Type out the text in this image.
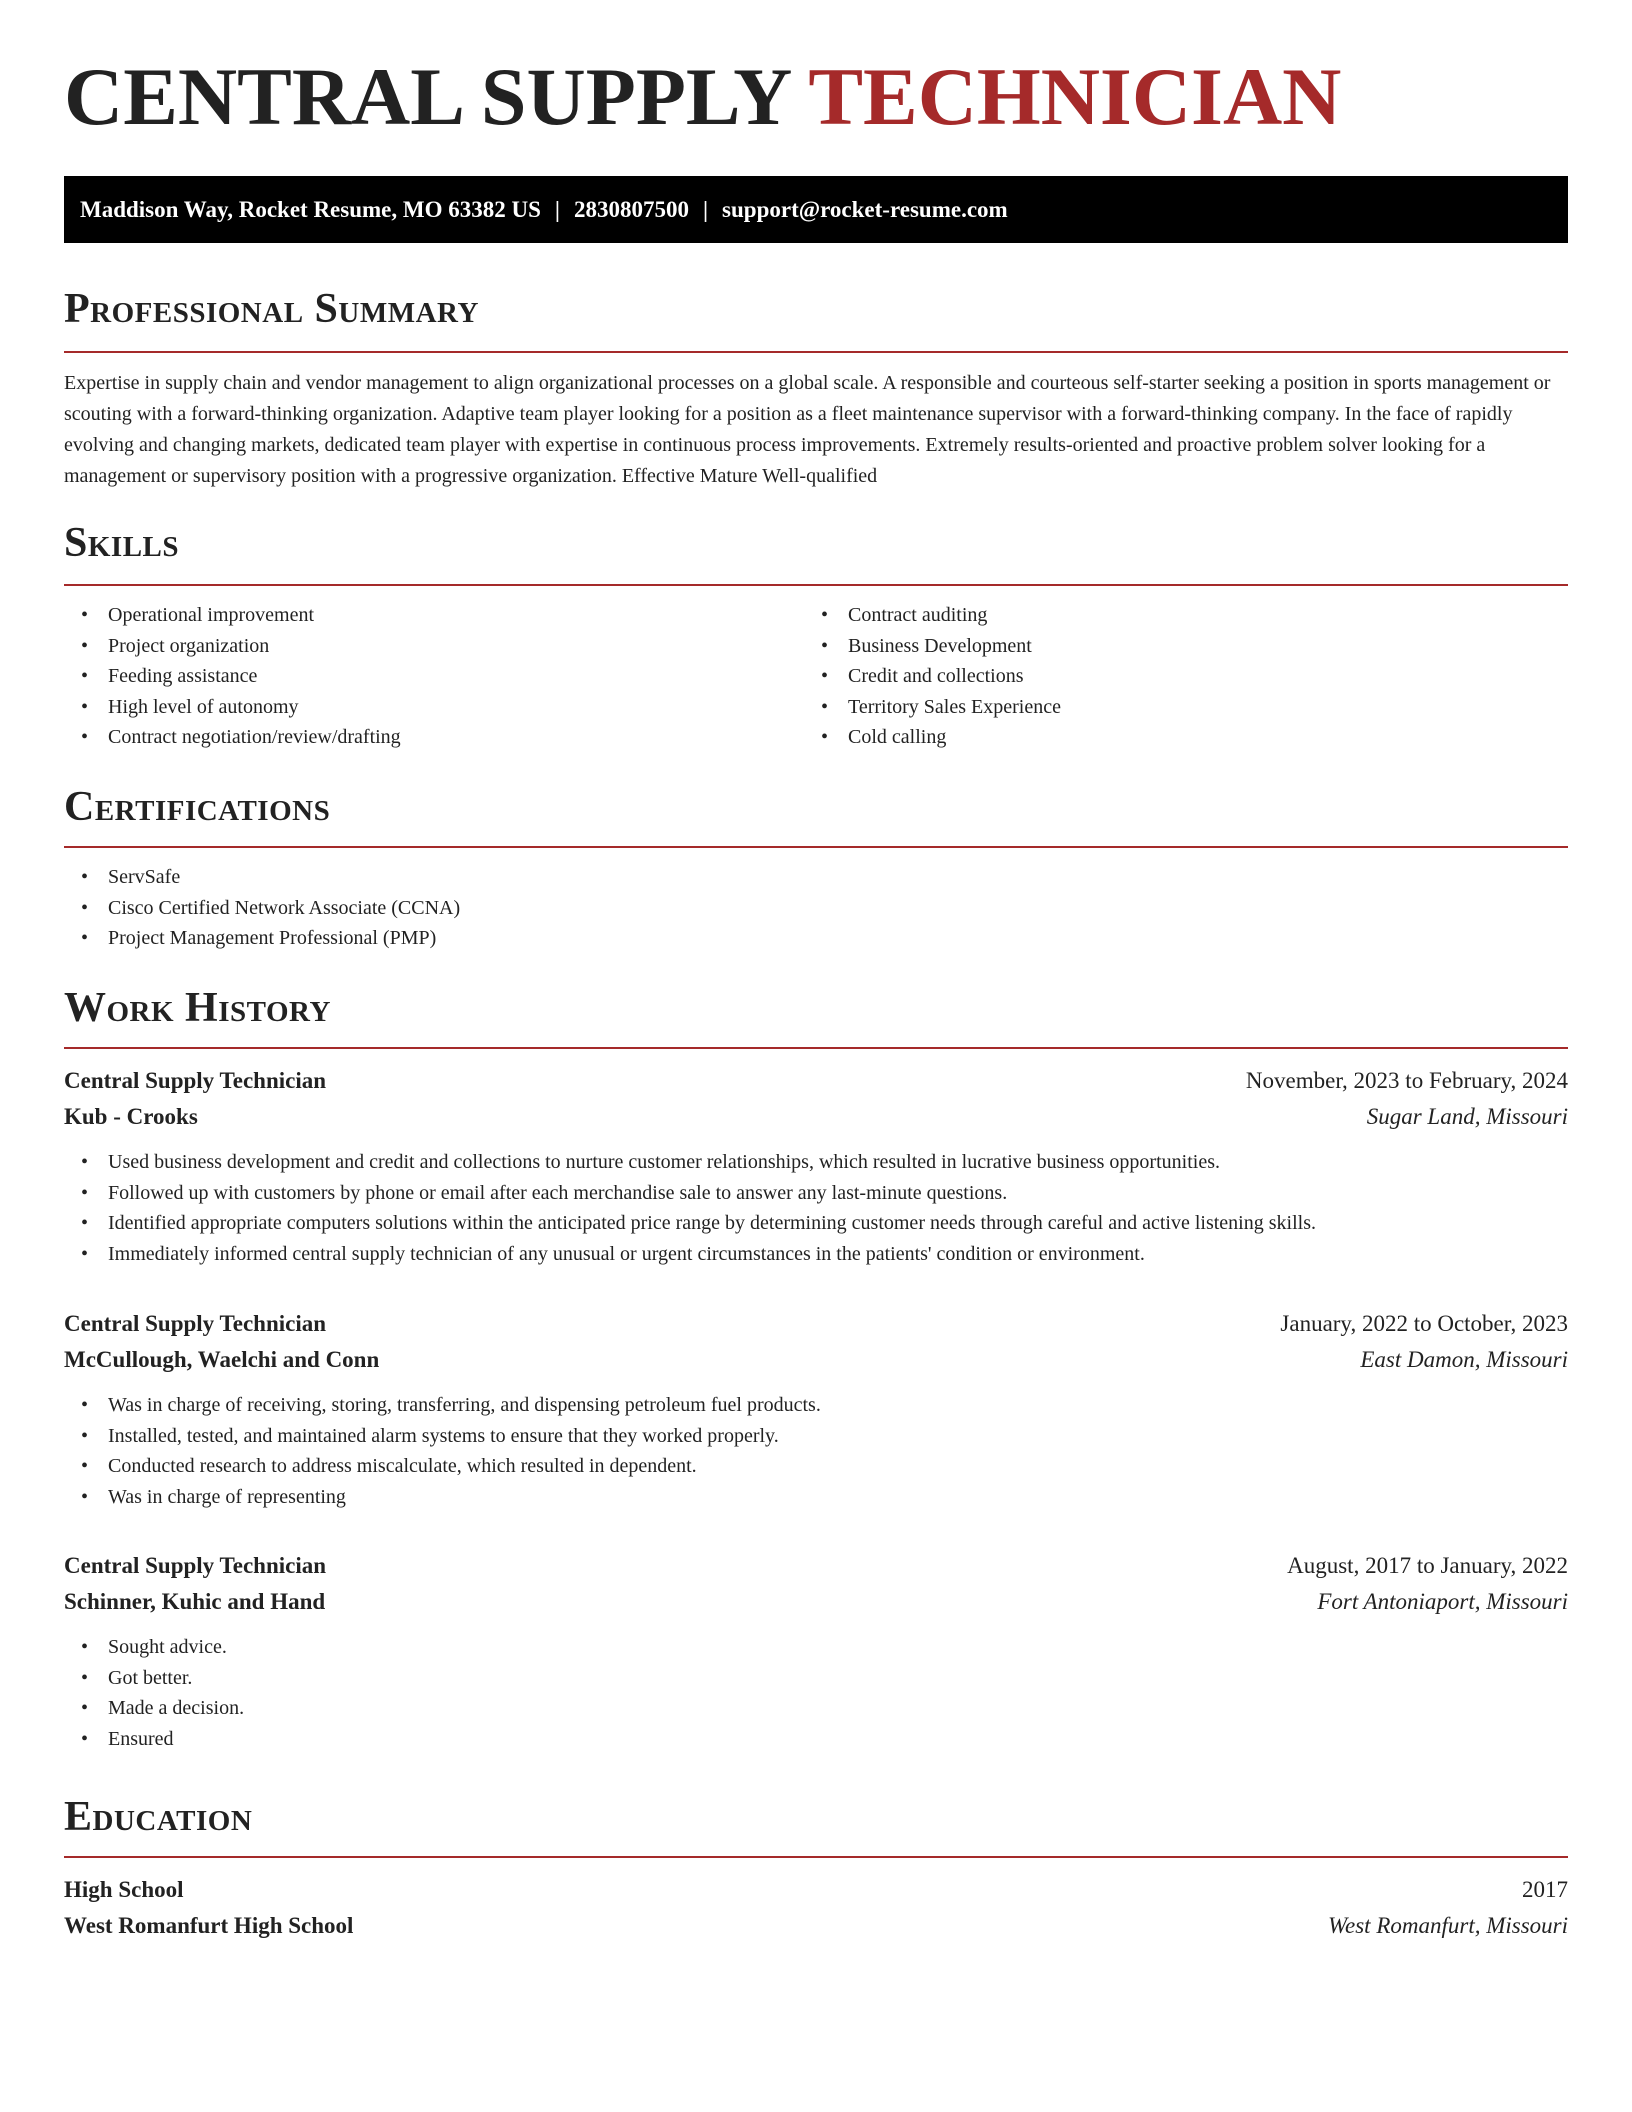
CENTRAL SUPPLY TECHNICIAN
Maddison Way, Rocket Resume, MO 63382 US | 2830807500 | support@rocket-resume.com
Professional Summary

Expertise in supply chain and vendor management to align organizational processes on a global scale. A responsible and courteous self-starter seeking a position in sports management or scouting with a forward-thinking organization. Adaptive team player looking for a position as a fleet maintenance supervisor with a forward-thinking company. In the face of rapidly evolving and changing markets, dedicated team player with expertise in continuous process improvements. Extremely results-oriented and proactive problem solver looking for a management or supervisory position with a progressive organization. Effective Mature Well-qualified

Skills
• Operational improvement
• Project organization
• Feeding assistance
• High level of autonomy
• Contract negotiation/review/drafting
• Contract auditing
• Business Development
• Credit and collections
• Territory Sales Experience
• Cold calling
Certifications
• ServSafe
• Cisco Certified Network Associate (CCNA)
• Project Management Professional (PMP)
Work History
Central Supply Technician	November, 2023 to February, 2024
Kub - Crooks	Sugar Land, Missouri
• Used business development and credit and collections to nurture customer relationships, which resulted in lucrative business opportunities.
• Followed up with customers by phone or email after each merchandise sale to answer any last-minute questions.
• Identified appropriate computers solutions within the anticipated price range by determining customer needs through careful and active listening skills.
• Immediately informed central supply technician of any unusual or urgent circumstances in the patients' condition or environment.
Central Supply Technician	January, 2022 to October, 2023
McCullough, Waelchi and Conn	East Damon, Missouri
• Was in charge of receiving, storing, transferring, and dispensing petroleum fuel products.
• Installed, tested, and maintained alarm systems to ensure that they worked properly.
• Conducted research to address miscalculate, which resulted in dependent.
• Was in charge of representing
Central Supply Technician	August, 2017 to January, 2022
Schinner, Kuhic and Hand	Fort Antoniaport, Missouri
• Sought advice.
• Got better.
• Made a decision.
• Ensured
Education
High School	2017
West Romanfurt High School	West Romanfurt, Missouri
